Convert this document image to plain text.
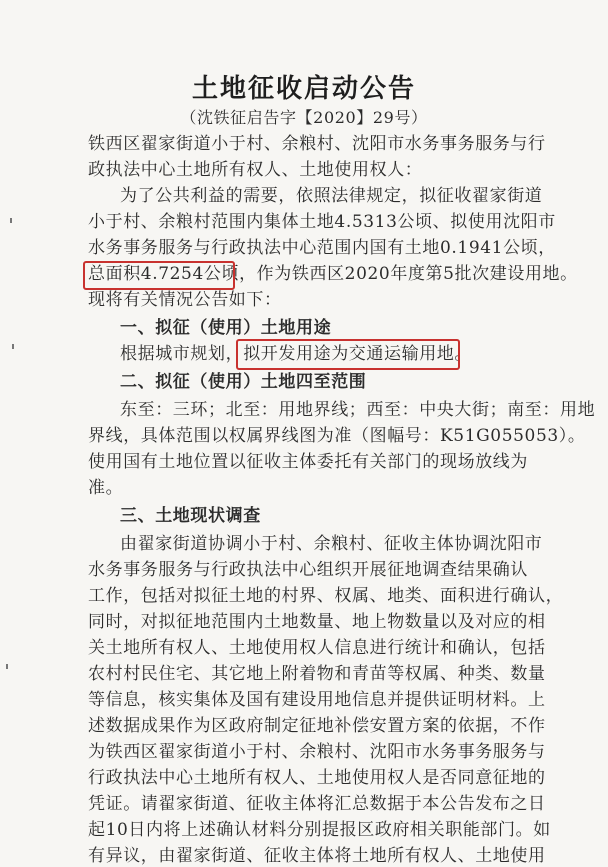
土地征收启动公告
（沈铁征启告字【2020】29号）
铁西区翟家街道小于村、余粮村、沈阳市水务事务服务与行
政执法中心土地所有权人、土地使用权人：
为了公共利益的需要，依照法律规定，拟征收翟家街道
小于村、余粮村范围内集体土地4.5313公顷、拟使用沈阳市
水务事务服务与行政执法中心范围内国有土地0.1941公顷，
总面积4.7254公顷，作为铁西区2020年度第5批次建设用地。
现将有关情况公告如下：
一、拟征（使用）土地用途
根据城市规划，拟开发用途为交通运输用地。
二、拟征（使用）土地四至范围
东至：三环；北至：用地界线；西至：中央大街；南至：用地
界线，具体范围以权属界线图为准（图幅号：K51G055053）。
使用国有土地位置以征收主体委托有关部门的现场放线为
准。
三、土地现状调查
由翟家街道协调小于村、余粮村、征收主体协调沈阳市
水务事务服务与行政执法中心组织开展征地调查结果确认
工作，包括对拟征土地的村界、权属、地类、面积进行确认，
同时，对拟征地范围内土地数量、地上物数量以及对应的相
关土地所有权人、土地使用权人信息进行统计和确认，包括
农村村民住宅、其它地上附着物和青苗等权属、种类、数量
等信息，核实集体及国有建设用地信息并提供证明材料。上
述数据成果作为区政府制定征地补偿安置方案的依据，不作
为铁西区翟家街道小于村、余粮村、沈阳市水务事务服务与
行政执法中心土地所有权人、土地使用权人是否同意征地的
凭证。请翟家街道、征收主体将汇总数据于本公告发布之日
起10日内将上述确认材料分别提报区政府相关职能部门。如
有异议，由翟家街道、征收主体将土地所有权人、土地使用
